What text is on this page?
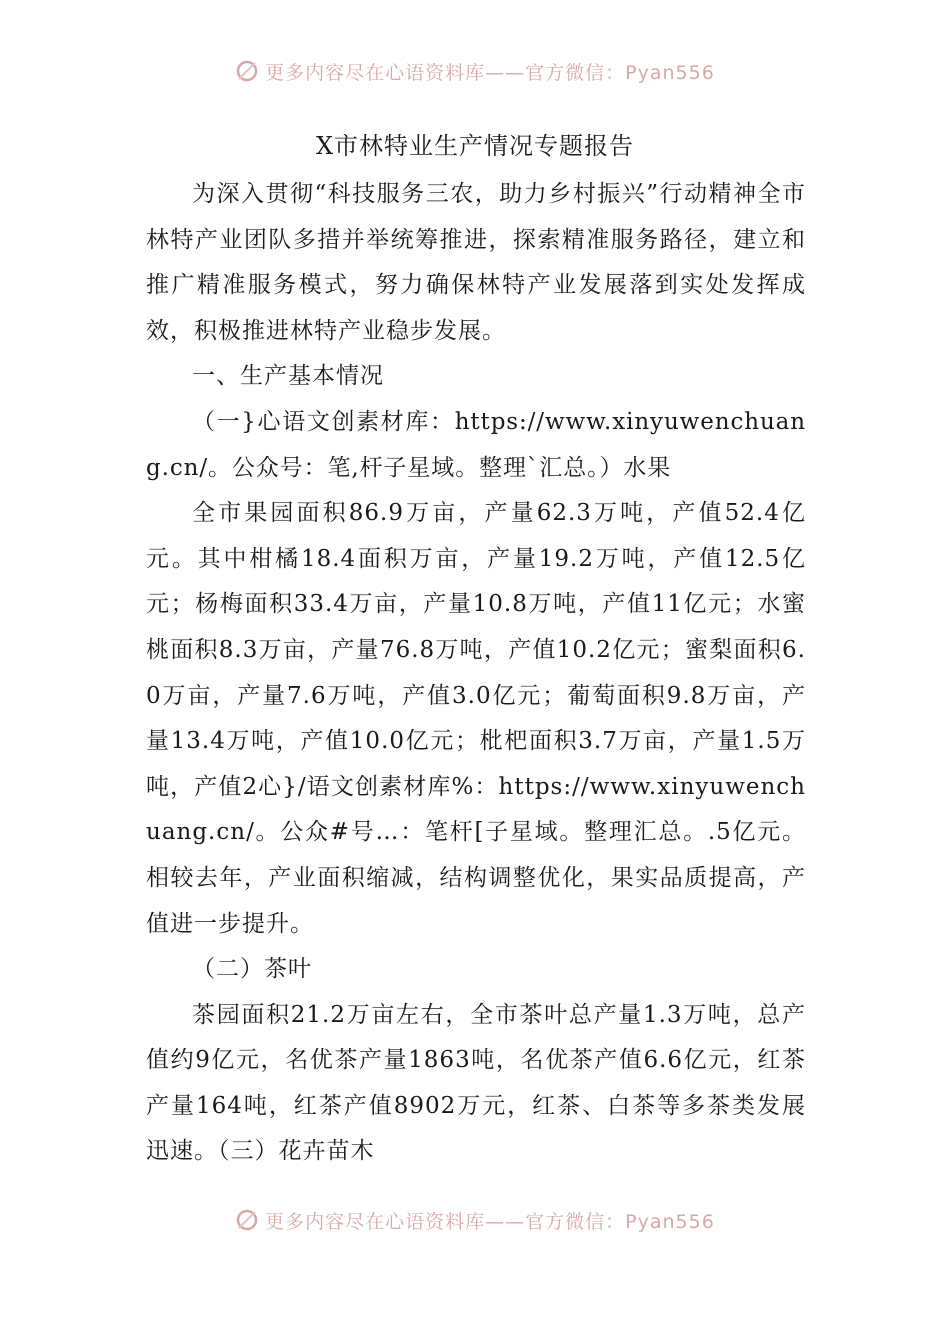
更多内容尽在心语资料库——官方微信：Pyan556
X市林特业生产情况专题报告

为深入贯彻“科技服务三农，助力乡村振兴”行动精神全市林特产业团队多措并举统筹推进，探索精准服务路径，建立和推广精准服务模式，努力确保林特产业发展落到实处发挥成效，积极推进林特产业稳步发展。

一、生产基本情况

（一}心语文创素材库：https://www.xinyuwenchuang.cn/。公众号：笔,杆子星域。整理`汇总。）水果

全市果园面积86.9万亩，产量62.3万吨，产值52.4亿元。其中柑橘18.4面积万亩，产量19.2万吨，产值12.5亿元；杨梅面积33.4万亩，产量10.8万吨，产值11亿元；水蜜桃面积8.3万亩，产量76.8万吨，产值10.2亿元；蜜梨面积6.0万亩，产量7.6万吨，产值3.0亿元；葡萄面积9.8万亩，产量13.4万吨，产值10.0亿元；枇杷面积3.7万亩，产量1.5万吨，产值2心}/语文创素材库%：https://www.xinyuwenchuang.cn/。公众#号…：笔杆[子星域。整理汇总。.5亿元。相较去年，产业面积缩减，结构调整优化，果实品质提高，产值进一步提升。

（二）茶叶

茶园面积21.2万亩左右，全市茶叶总产量1.3万吨，总产值约9亿元，名优茶产量1863吨，名优茶产值6.6亿元，红茶产量164吨，红茶产值8902万元，红茶、白茶等多茶类发展迅速。（三）花卉苗木

更多内容尽在心语资料库——官方微信：Pyan556
